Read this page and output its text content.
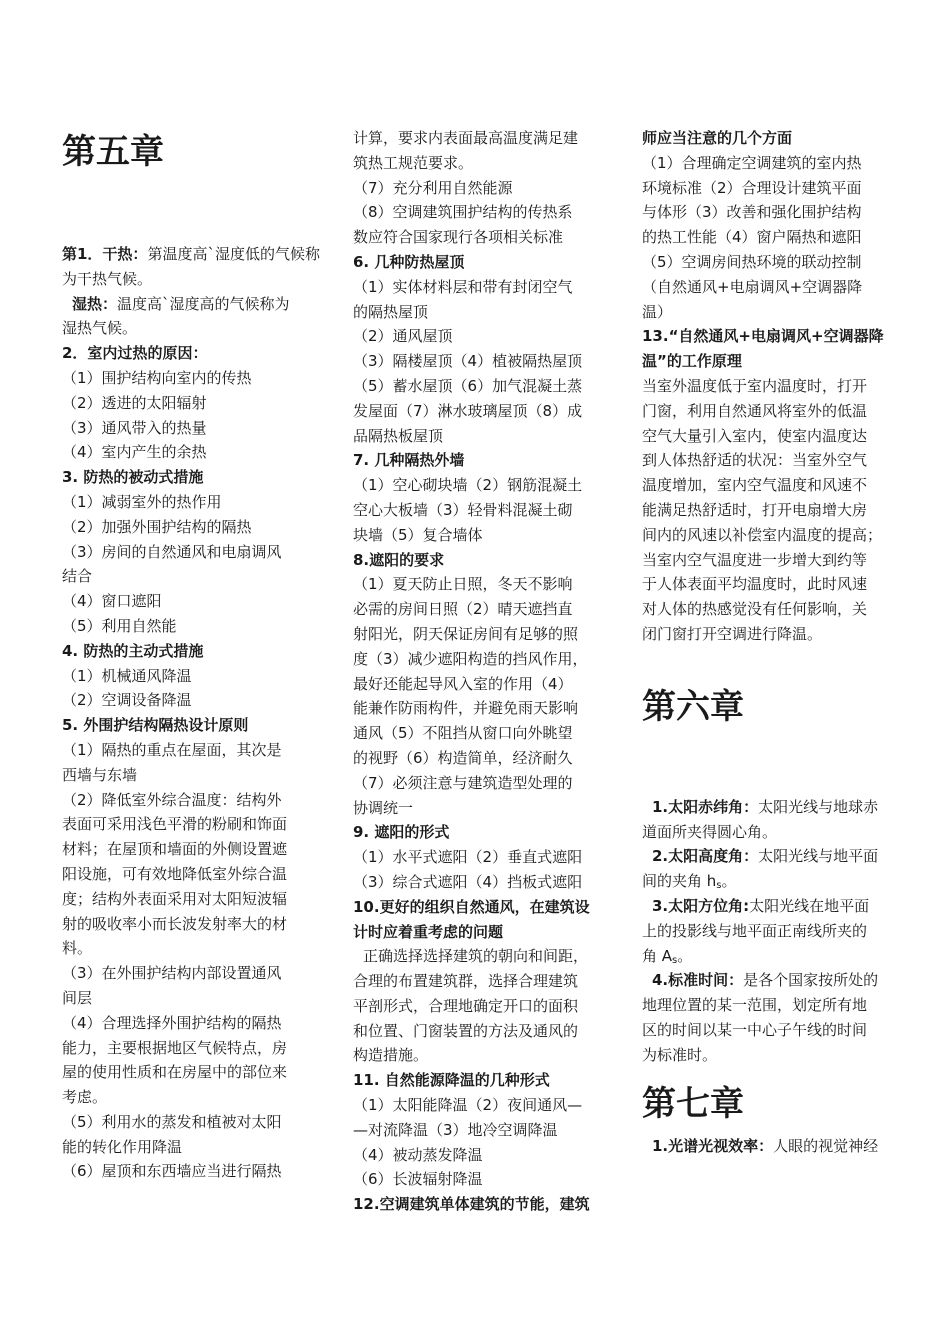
第五章
第1．干热：第温度高`湿度低的气候称
为干热气候。
湿热：温度高`湿度高的气候称为
湿热气候。
2．室内过热的原因：
（1）围护结构向室内的传热
（2）透进的太阳辐射
（3）通风带入的热量
（4）室内产生的余热
3. 防热的被动式措施
（1）减弱室外的热作用
（2）加强外围护结构的隔热
（3）房间的自然通风和电扇调风
结合
（4）窗口遮阳
（5）利用自然能
4. 防热的主动式措施
（1）机械通风降温
（2）空调设备降温
5. 外围护结构隔热设计原则
（1）隔热的重点在屋面，其次是
西墙与东墙
（2）降低室外综合温度：结构外
表面可采用浅色平滑的粉刷和饰面
材料；在屋顶和墙面的外侧设置遮
阳设施，可有效地降低室外综合温
度；结构外表面采用对太阳短波辐
射的吸收率小而长波发射率大的材
料。
（3）在外围护结构内部设置通风
间层
（4）合理选择外围护结构的隔热
能力，主要根据地区气候特点，房
屋的使用性质和在房屋中的部位来
考虑。
（5）利用水的蒸发和植被对太阳
能的转化作用降温
（6）屋顶和东西墙应当进行隔热
计算，要求内表面最高温度满足建
筑热工规范要求。
（7）充分利用自然能源
（8）空调建筑围护结构的传热系
数应符合国家现行各项相关标准
6. 几种防热屋顶
（1）实体材料层和带有封闭空气
的隔热屋顶
（2）通风屋顶
（3）隔楼屋顶（4）植被隔热屋顶
（5）蓄水屋顶（6）加气混凝土蒸
发屋面（7）淋水玻璃屋顶（8）成
品隔热板屋顶
7. 几种隔热外墙
（1）空心砌块墙（2）钢筋混凝土
空心大板墙（3）轻骨料混凝土砌
块墙（5）复合墙体
8.遮阳的要求
（1）夏天防止日照，冬天不影响
必需的房间日照（2）晴天遮挡直
射阳光，阴天保证房间有足够的照
度（3）减少遮阳构造的挡风作用，
最好还能起导风入室的作用（4）
能兼作防雨构件，并避免雨天影响
通风（5）不阻挡从窗口向外眺望
的视野（6）构造简单，经济耐久
（7）必须注意与建筑造型处理的
协调统一
9. 遮阳的形式
（1）水平式遮阳（2）垂直式遮阳
（3）综合式遮阳（4）挡板式遮阳
10.更好的组织自然通风，在建筑设
计时应着重考虑的问题
正确选择选择建筑的朝向和间距，
合理的布置建筑群，选择合理建筑
平剖形式，合理地确定开口的面积
和位置、门窗装置的方法及通风的
构造措施。
11. 自然能源降温的几种形式
（1）太阳能降温（2）夜间通风—
—对流降温（3）地冷空调降温
（4）被动蒸发降温
（6）长波辐射降温
12.空调建筑单体建筑的节能，建筑
师应当注意的几个方面
（1）合理确定空调建筑的室内热
环境标准（2）合理设计建筑平面
与体形（3）改善和强化围护结构
的热工性能（4）窗户隔热和遮阳
（5）空调房间热环境的联动控制
（自然通风+电扇调风+空调器降
温）
13.“自然通风+电扇调风+空调器降
温”的工作原理
当室外温度低于室内温度时，打开
门窗，利用自然通风将室外的低温
空气大量引入室内，使室内温度达
到人体热舒适的状况：当室外空气
温度增加，室内空气温度和风速不
能满足热舒适时，打开电扇增大房
间内的风速以补偿室内温度的提高；
当室内空气温度进一步增大到约等
于人体表面平均温度时，此时风速
对人体的热感觉没有任何影响，关
闭门窗打开空调进行降温。
第六章
1.太阳赤纬角：太阳光线与地球赤
道面所夹得圆心角。
2.太阳高度角：太阳光线与地平面
间的夹角 $h_s$。
3.太阳方位角:太阳光线在地平面
上的投影线与地平面正南线所夹的
角 $A_s$。
4.标准时间：是各个国家按所处的
地理位置的某一范围，划定所有地
区的时间以某一中心子午线的时间
为标准时。
第七章
1.光谱光视效率：人眼的视觉神经
